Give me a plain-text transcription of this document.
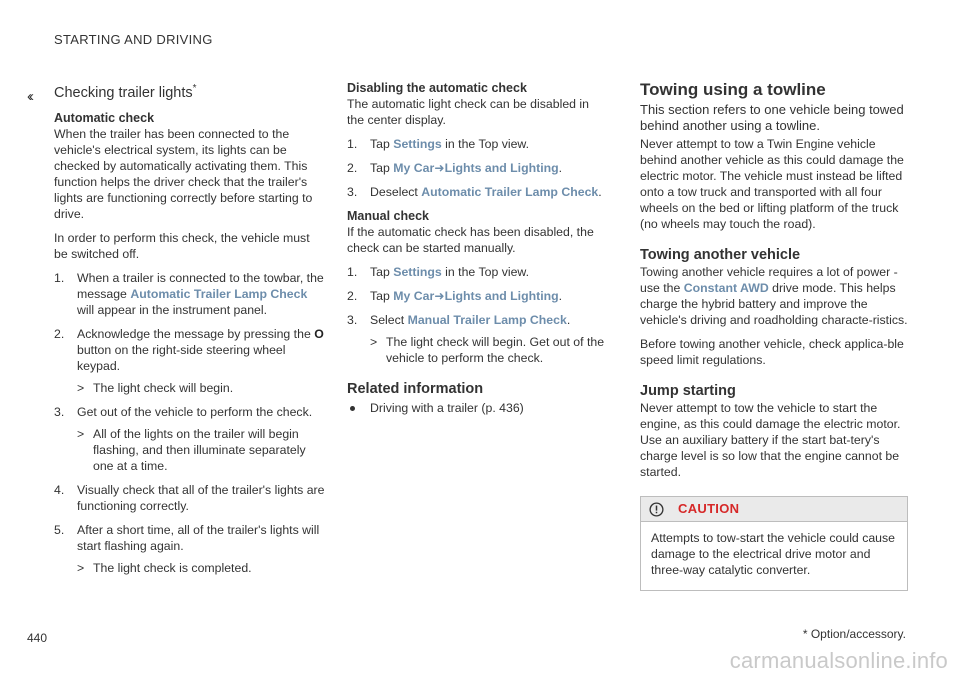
STARTING AND DRIVING
‹‹ Checking trailer lights*
Automatic check

When the trailer has been connected to the vehicle's electrical system, its lights can be checked by automatically activating them. This function helps the driver check that the trailer's lights are functioning correctly before starting to drive.

In order to perform this check, the vehicle must be switched off.

1. When a trailer is connected to the towbar, the message Automatic Trailer Lamp Check will appear in the instrument panel.
2. Acknowledge the message by pressing the O button on the right-side steering wheel keypad.
> The light check will begin.
3. Get out of the vehicle to perform the check.
> All of the lights on the trailer will begin flashing, and then illuminate separately one at a time.
4. Visually check that all of the trailer's lights are functioning correctly.
5. After a short time, all of the trailer's lights will start flashing again.
> The light check is completed.
Disabling the automatic check

The automatic light check can be disabled in the center display.

1. Tap Settings in the Top view.
2. Tap My Car➜Lights and Lighting.
3. Deselect Automatic Trailer Lamp Check.
Manual check

If the automatic check has been disabled, the check can be started manually.

1. Tap Settings in the Top view.
2. Tap My Car➜Lights and Lighting.
3. Select Manual Trailer Lamp Check.
> The light check will begin. Get out of the vehicle to perform the check.
Related information
Driving with a trailer (p. 436)
Towing using a towline

This section refers to one vehicle being towed behind another using a towline.

Never attempt to tow a Twin Engine vehicle behind another vehicle as this could damage the electric motor. The vehicle must instead be lifted onto a tow truck and transported with all four wheels on the bed or lifting platform of the truck (no wheels may touch the road).

Towing another vehicle

Towing another vehicle requires a lot of power - use the Constant AWD drive mode. This helps charge the hybrid battery and improve the vehicle's driving and roadholding characte-ristics.

Before towing another vehicle, check applica-ble speed limit regulations.

Jump starting

Never attempt to tow the vehicle to start the engine, as this could damage the electric motor. Use an auxiliary battery if the start bat-tery's charge level is so low that the engine cannot be started.

CAUTION
Attempts to tow-start the vehicle could cause damage to the electrical drive motor and three-way catalytic converter.
* Option/accessory.
440
carmanualsonline.info
